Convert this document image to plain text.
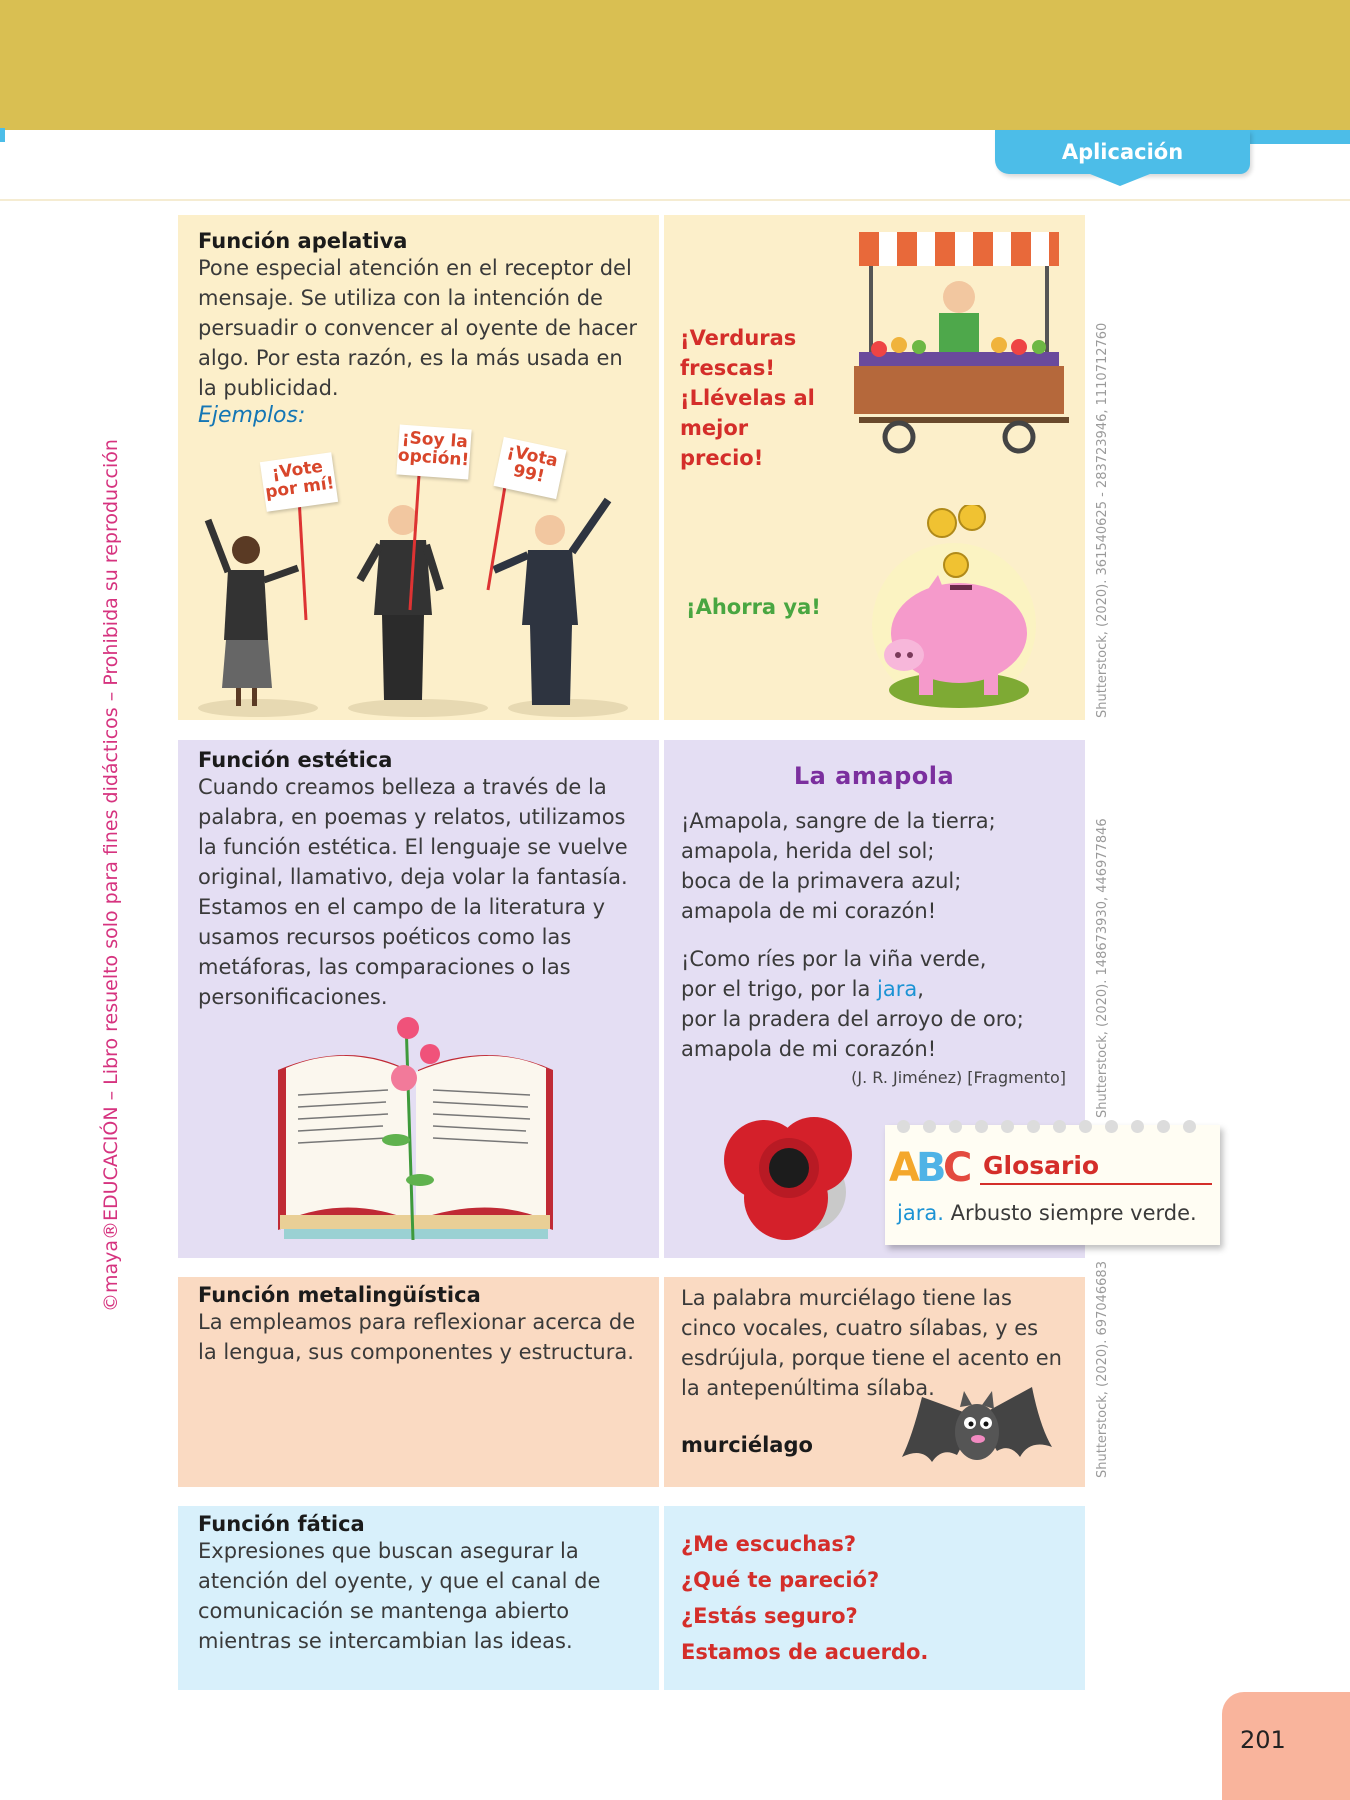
Aplicación
©maya®EDUCACIÓN – Libro resuelto solo para fines didácticos – Prohibida su reproducción	Shutterstock, (2020). 361540625 - 283723946, 1110712760
Shutterstock, (2020). 148673930, 446977846
Shutterstock, (2020). 697046683
Función apelativa
Pone especial atención en el receptor del mensaje. Se utiliza con la intención de persuadir o convencer al oyente de hacer algo. Por esta razón, es la más usada en la publicidad.
Ejemplos:
¡Vote por mí!
¡Soy la opción!	¡Vota 99!
¡Verduras frescas! ¡Llévelas al mejor precio!
¡Ahorra ya!
Función estética
Cuando creamos belleza a través de la palabra, en poemas y relatos, utilizamos la función estética. El lenguaje se vuelve original, llamativo, deja volar la fantasía. Estamos en el campo de la literatura y usamos recursos poéticos como las metáforas, las comparaciones o las personificaciones.
La amapola
¡Amapola, sangre de la tierra;
amapola, herida del sol;
boca de la primavera azul;
amapola de mi corazón!
¡Como ríes por la viña verde,
por el trigo, por la jara,
por la pradera del arroyo de oro;
amapola de mi corazón!
(J. R. Jiménez) [Fragmento]
A
B
C Glosario
jara. Arbusto siempre verde.
Función metalingüística
La empleamos para reflexionar acerca de la lengua, sus componentes y estructura.
La palabra murciélago tiene las cinco vocales, cuatro sílabas, y es esdrújula, porque tiene el acento en la antepenúltima sílaba.
murciélago
Función fática
Expresiones que buscan asegurar la atención del oyente, y que el canal de comunicación se mantenga abierto mientras se intercambian las ideas.
¿Me escuchas?
¿Qué te pareció?
¿Estás seguro?
Estamos de acuerdo.
201
